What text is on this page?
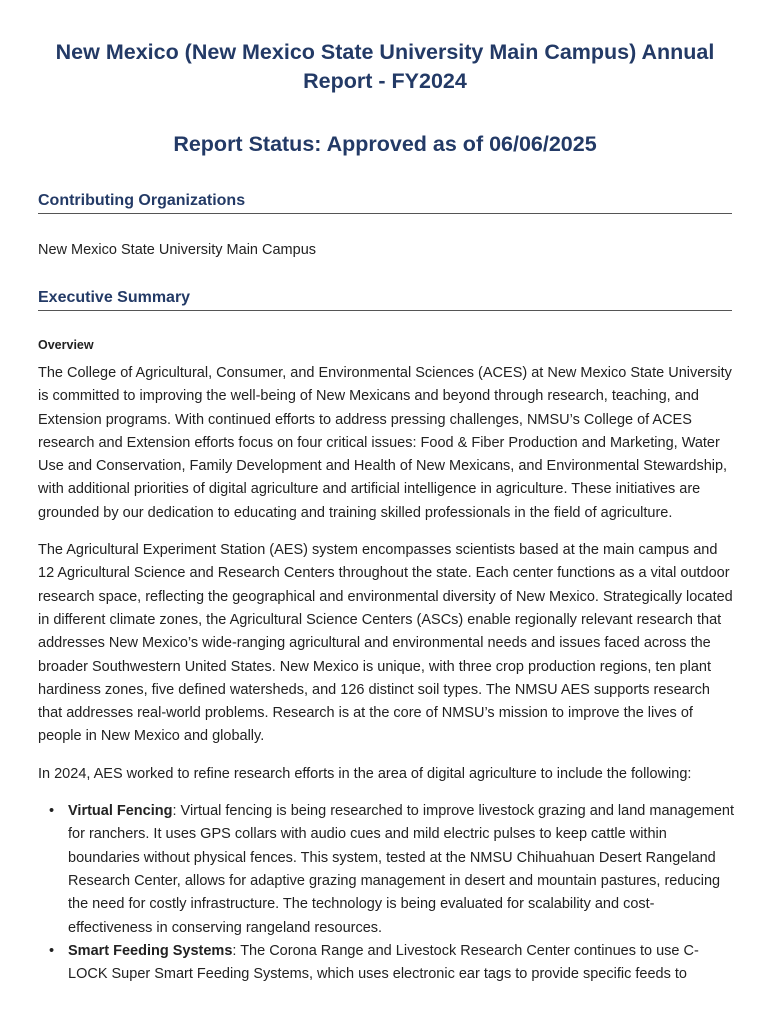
New Mexico (New Mexico State University Main Campus) Annual Report - FY2024
Report Status: Approved as of 06/06/2025
Contributing Organizations

New Mexico State University Main Campus

Executive Summary

Overview

The College of Agricultural, Consumer, and Environmental Sciences (ACES) at New Mexico State University is committed to improving the well-being of New Mexicans and beyond through research, teaching, and Extension programs. With continued efforts to address pressing challenges, NMSU’s College of ACES research and Extension efforts focus on four critical issues: Food & Fiber Production and Marketing, Water Use and Conservation, Family Development and Health of New Mexicans, and Environmental Stewardship, with additional priorities of digital agriculture and artificial intelligence in agriculture. These initiatives are grounded by our dedication to educating and training skilled professionals in the field of agriculture.

The Agricultural Experiment Station (AES) system encompasses scientists based at the main campus and 12 Agricultural Science and Research Centers throughout the state. Each center functions as a vital outdoor research space, reflecting the geographical and environmental diversity of New Mexico. Strategically located in different climate zones, the Agricultural Science Centers (ASCs) enable regionally relevant research that addresses New Mexico’s wide-ranging agricultural and environmental needs and issues faced across the broader Southwestern United States. New Mexico is unique, with three crop production regions, ten plant hardiness zones, five defined watersheds, and 126 distinct soil types. The NMSU AES supports research that addresses real-world problems. Research is at the core of NMSU’s mission to improve the lives of people in New Mexico and globally.

In 2024, AES worked to refine research efforts in the area of digital agriculture to include the following:

• Virtual Fencing: Virtual fencing is being researched to improve livestock grazing and land management for ranchers. It uses GPS collars with audio cues and mild electric pulses to keep cattle within boundaries without physical fences. This system, tested at the NMSU Chihuahuan Desert Rangeland Research Center, allows for adaptive grazing management in desert and mountain pastures, reducing the need for costly infrastructure. The technology is being evaluated for scalability and cost-effectiveness in conserving rangeland resources.
• Smart Feeding Systems: The Corona Range and Livestock Research Center continues to use C-LOCK Super Smart Feeding Systems, which uses electronic ear tags to provide specific feeds to
